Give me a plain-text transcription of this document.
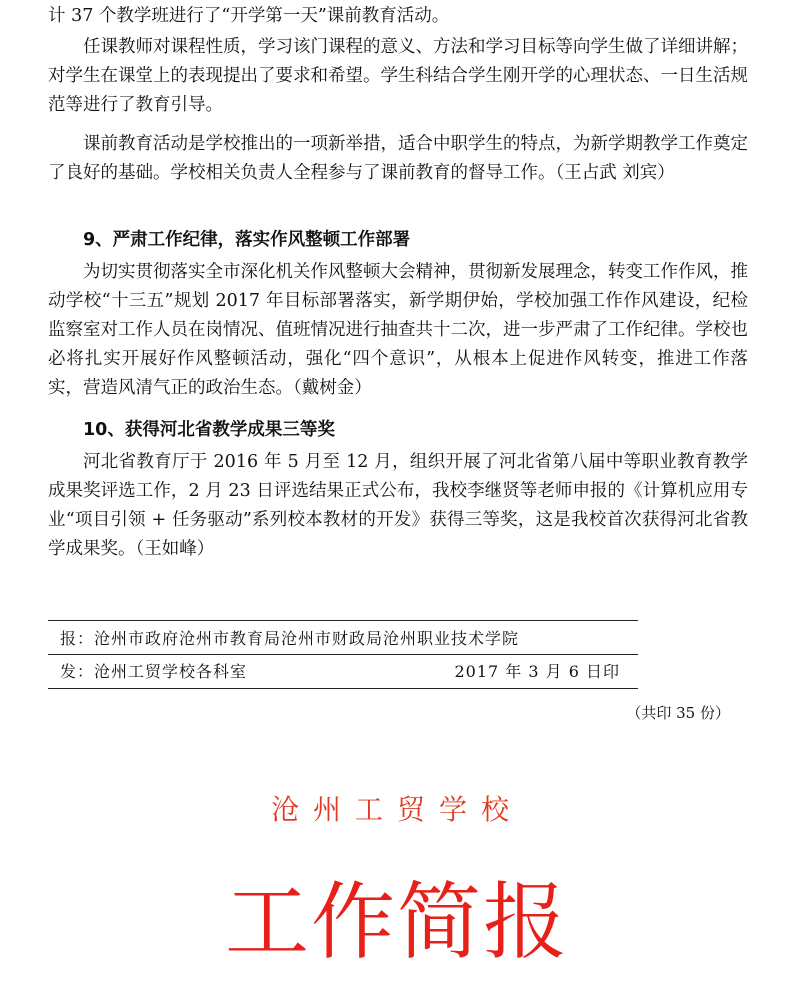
计 37 个教学班进行了“开学第一天”课前教育活动。

任课教师对课程性质，学习该门课程的意义、方法和学习目标等向学生做了详细讲解；对学生在课堂上的表现提出了要求和希望。学生科结合学生刚开学的心理状态、一日生活规范等进行了教育引导。

课前教育活动是学校推出的一项新举措，适合中职学生的特点，为新学期教学工作奠定了良好的基础。学校相关负责人全程参与了课前教育的督导工作。（王占武 刘宾）

9、严肃工作纪律，落实作风整顿工作部署

为切实贯彻落实全市深化机关作风整顿大会精神，贯彻新发展理念，转变工作作风，推动学校“十三五”规划 2017 年目标部署落实，新学期伊始，学校加强工作作风建设，纪检监察室对工作人员在岗情况、值班情况进行抽查共十二次，进一步严肃了工作纪律。学校也必将扎实开展好作风整顿活动，强化“四个意识”，从根本上促进作风转变，推进工作落实，营造风清气正的政治生态。（戴树金）

10、获得河北省教学成果三等奖

河北省教育厅于 2016 年 5 月至 12 月，组织开展了河北省第八届中等职业教育教学成果奖评选工作，2 月 23 日评选结果正式公布，我校李继贤等老师申报的《计算机应用专业“项目引领 + 任务驱动”系列校本教材的开发》获得三等奖，这是我校首次获得河北省教学成果奖。（王如峰）

报：沧州市政府沧州市教育局沧州市财政局沧州职业技术学院
发：沧州工贸学校各科室	2017 年 3 月 6 日印
（共印 35 份）
沧州工贸学校
工作简报
